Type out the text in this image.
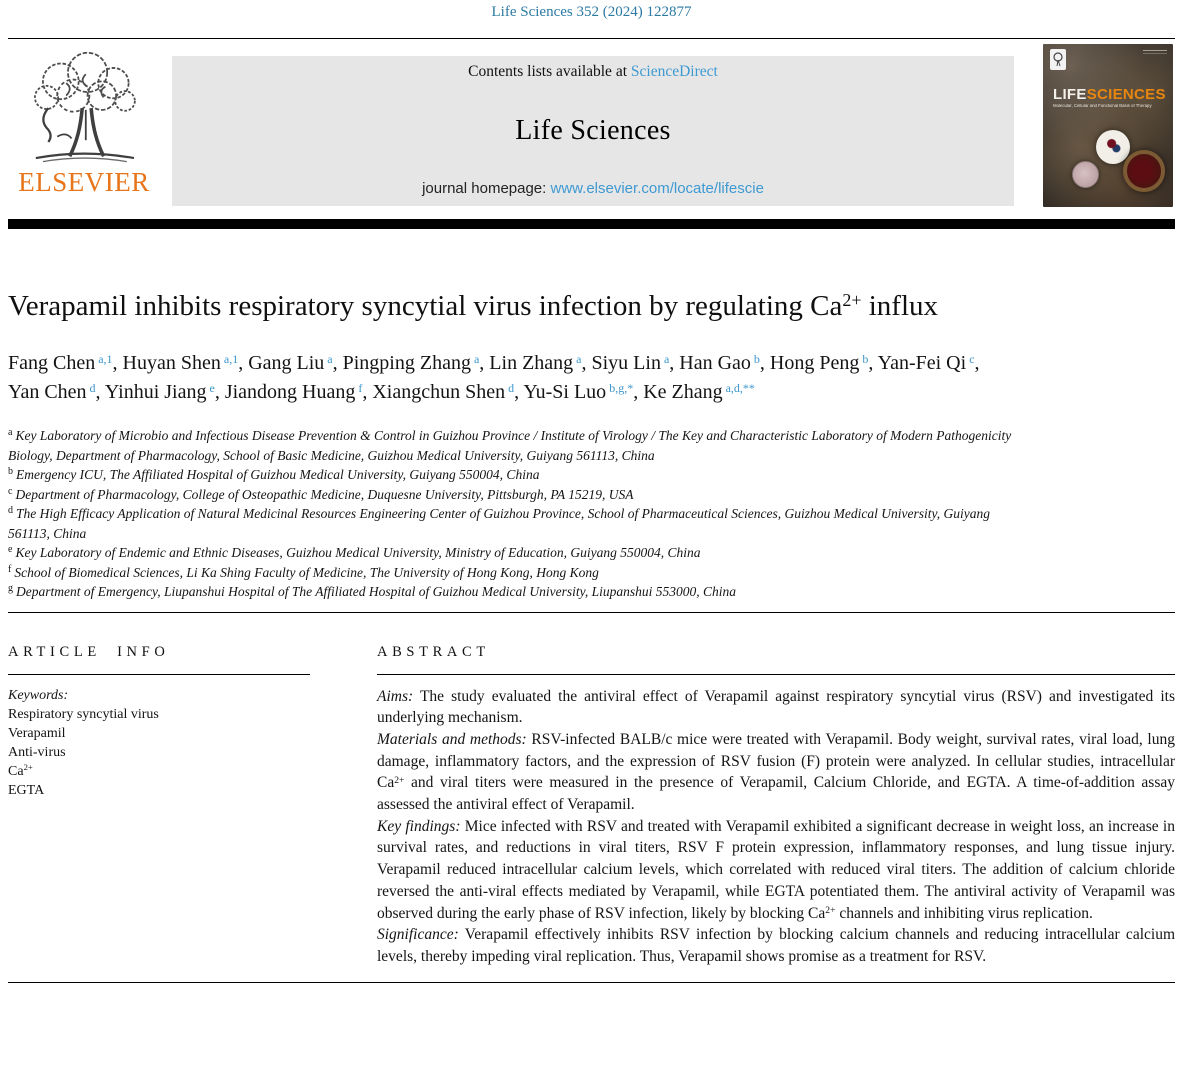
Life Sciences 352 (2024) 122877
ELSEVIER
Contents lists available at ScienceDirect
Life Sciences
journal homepage: www.elsevier.com/locate/lifescie
LIFESCIENCES
Molecular, Cellular and Functional Basis of Therapy
Verapamil inhibits respiratory syncytial virus infection by regulating $Ca^{2+}$ influx
Fang Chen $^{a,1}$, Huyan Shen $^{a,1}$, Gang Liu $^a$, Pingping Zhang $^a$, Lin Zhang $^a$, Siyu Lin $^a$, Han Gao $^b$, Hong Peng $^b$, Yan-Fei Qi $^c$, Yan Chen $^d$, Yinhui Jiang $^e$, Jiandong Huang $^f$, Xiangchun Shen $^d$, Yu-Si Luo $^{b,g,*}$, Ke Zhang $^{a,d,**}$
$^a$ Key Laboratory of Microbio and Infectious Disease Prevention & Control in Guizhou Province / Institute of Virology / The Key and Characteristic Laboratory of Modern Pathogenicity Biology, Department of Pharmacology, School of Basic Medicine, Guizhou Medical University, Guiyang 561113, China
$^b$ Emergency ICU, The Affiliated Hospital of Guizhou Medical University, Guiyang 550004, China
$^c$ Department of Pharmacology, College of Osteopathic Medicine, Duquesne University, Pittsburgh, PA 15219, USA
$^d$ The High Efficacy Application of Natural Medicinal Resources Engineering Center of Guizhou Province, School of Pharmaceutical Sciences, Guizhou Medical University, Guiyang 561113, China
$^e$ Key Laboratory of Endemic and Ethnic Diseases, Guizhou Medical University, Ministry of Education, Guiyang 550004, China
$^f$ School of Biomedical Sciences, Li Ka Shing Faculty of Medicine, The University of Hong Kong, Hong Kong
$^g$ Department of Emergency, Liupanshui Hospital of The Affiliated Hospital of Guizhou Medical University, Liupanshui 553000, China
ARTICLE INFO
Keywords:
Respiratory syncytial virus
Verapamil
Anti-virus
$Ca^{2+}$
EGTA
ABSTRACT
Aims: The study evaluated the antiviral effect of Verapamil against respiratory syncytial virus (RSV) and investigated its underlying mechanism.
Materials and methods: RSV-infected BALB/c mice were treated with Verapamil. Body weight, survival rates, viral load, lung damage, inflammatory factors, and the expression of RSV fusion (F) protein were analyzed. In cellular studies, intracellular $Ca^{2+}$ and viral titers were measured in the presence of Verapamil, Calcium Chloride, and EGTA. A time-of-addition assay assessed the antiviral effect of Verapamil.
Key findings: Mice infected with RSV and treated with Verapamil exhibited a significant decrease in weight loss, an increase in survival rates, and reductions in viral titers, RSV F protein expression, inflammatory responses, and lung tissue injury. Verapamil reduced intracellular calcium levels, which correlated with reduced viral titers. The addition of calcium chloride reversed the anti-viral effects mediated by Verapamil, while EGTA potentiated them. The antiviral activity of Verapamil was observed during the early phase of RSV infection, likely by blocking $Ca^{2+}$ channels and inhibiting virus replication.
Significance: Verapamil effectively inhibits RSV infection by blocking calcium channels and reducing intracellular calcium levels, thereby impeding viral replication. Thus, Verapamil shows promise as a treatment for RSV.
